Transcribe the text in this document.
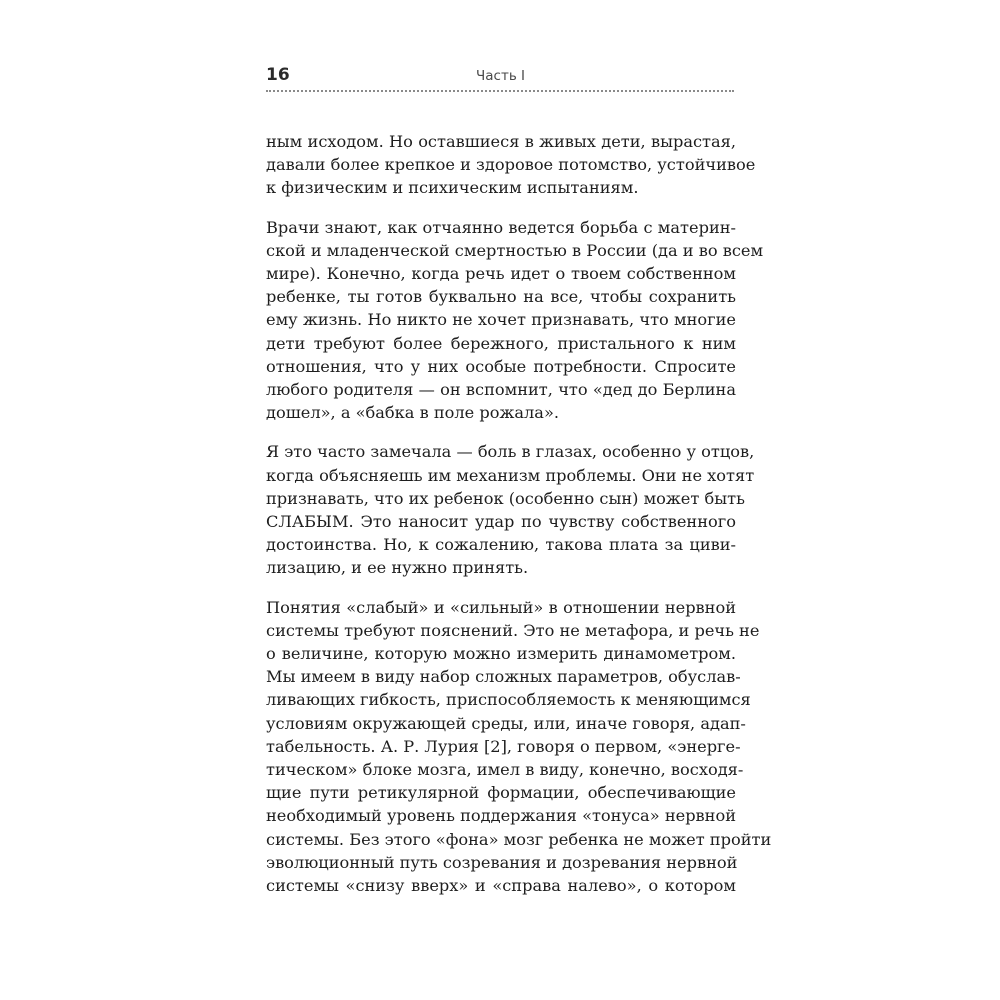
16	Часть I
ным исходом. Но оставшиеся в живых дети, вырастая,
давали более крепкое и здоровое потомство, устойчивое
к физическим и психическим испытаниям.
Врачи знают, как отчаянно ведется борьба с материн-
ской и младенческой смертностью в России (да и во всем
мире). Конечно, когда речь идет о твоем собственном
ребенке, ты готов буквально на все, чтобы сохранить
ему жизнь. Но никто не хочет признавать, что многие
дети требуют более бережного, пристального к ним
отношения, что у них особые потребности. Спросите
любого родителя — он вспомнит, что «дед до Берлина
дошел», а «бабка в поле рожала».
Я это часто замечала — боль в глазах, особенно у отцов,
когда объясняешь им механизм проблемы. Они не хотят
признавать, что их ребенок (особенно сын) может быть
СЛАБЫМ. Это наносит удар по чувству собственного
достоинства. Но, к сожалению, такова плата за циви-
лизацию, и ее нужно принять.
Понятия «слабый» и «сильный» в отношении нервной
системы требуют пояснений. Это не метафора, и речь не
о величине, которую можно измерить динамометром.
Мы имеем в виду набор сложных параметров, обуслав-
ливающих гибкость, приспособляемость к меняющимся
условиям окружающей среды, или, иначе говоря, адап-
табельность. А. Р. Лурия [2], говоря о первом, «энерге-
тическом» блоке мозга, имел в виду, конечно, восходя-
щие пути ретикулярной формации, обеспечивающие
необходимый уровень поддержания «тонуса» нервной
системы. Без этого «фона» мозг ребенка не может пройти
эволюционный путь созревания и дозревания нервной
системы «снизу вверх» и «справа налево», о котором
